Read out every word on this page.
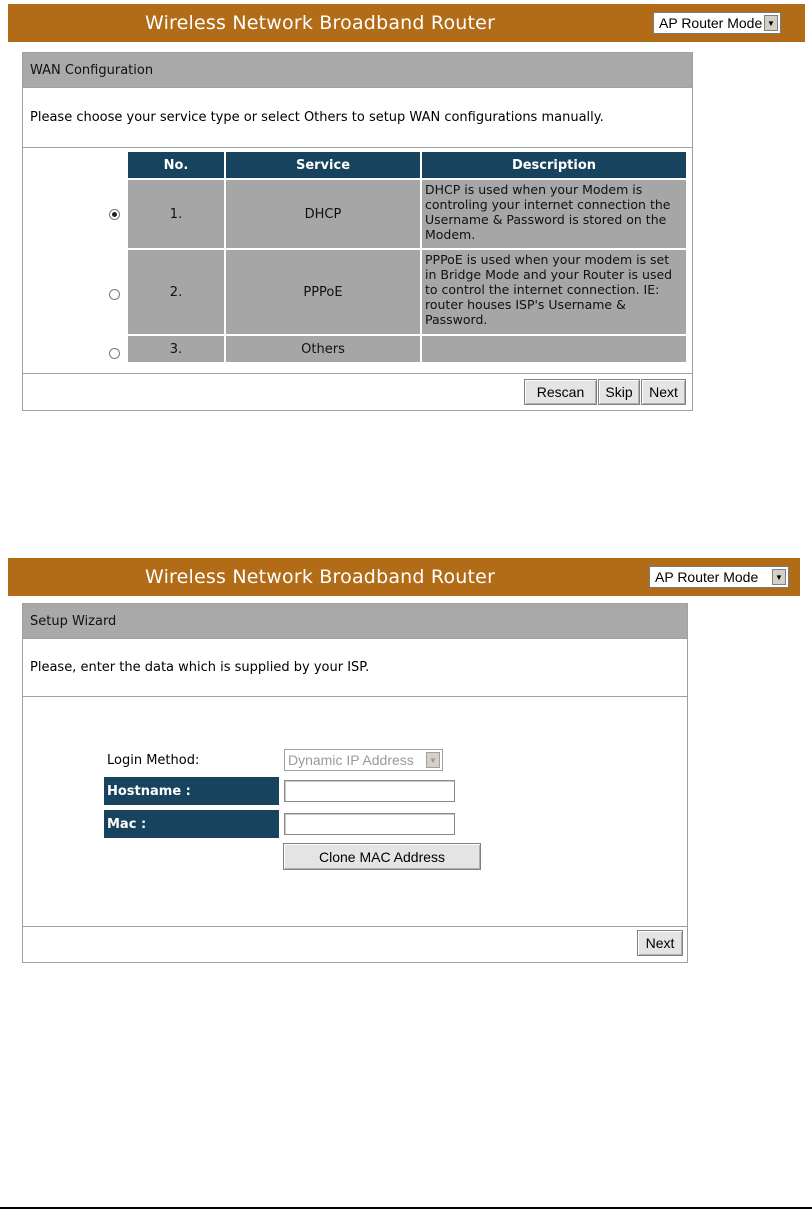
Wireless Network Broadband Router	AP Router Mode ▼
WAN Configuration
Please choose your service type or select Others to setup WAN configurations manually.
No.	Service	Description
1.	DHCP	DHCP is used when your Modem is controling your internet connection the Username & Password is stored on the Modem.
2.	PPPoE	PPPoE is used when your modem is set in Bridge Mode and your Router is used to control the internet connection. IE: router houses ISP's Username & Password.
3.	Others	
Rescan	Skip	Next
Wireless Network Broadband Router	AP Router Mode	▼
Setup Wizard
Please, enter the data which is supplied by your ISP.
Login Method:	Dynamic IP Address	▼
Hostname :
Mac :
Clone MAC Address
Next
